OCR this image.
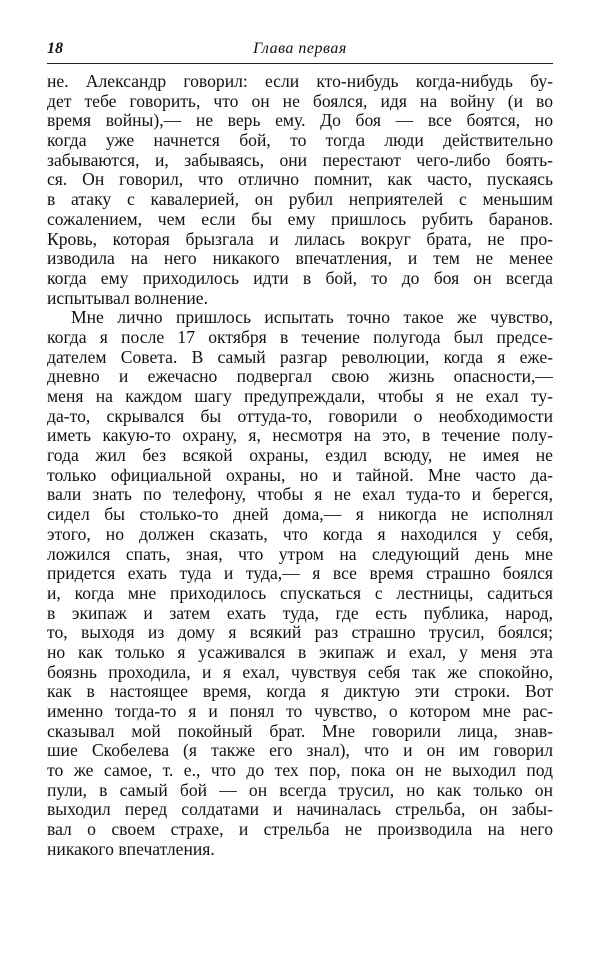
18	Глава первая
не. Александр говорил: если кто-нибудь когда-нибудь бу-
дет тебе говорить, что он не боялся, идя на войну (и во
время войны),— не верь ему. До боя — все боятся, но
когда уже начнется бой, то тогда люди действительно
забываются, и, забываясь, они перестают чего-либо боять-
ся. Он говорил, что отлично помнит, как часто, пускаясь
в атаку с кавалерией, он рубил неприятелей с меньшим
сожалением, чем если бы ему пришлось рубить баранов.
Кровь, которая брызгала и лилась вокруг брата, не про-
изводила на него никакого впечатления, и тем не менее
когда ему приходилось идти в бой, то до боя он всегда
испытывал волнение.
Мне лично пришлось испытать точно такое же чувство,
когда я после 17 октября в течение полугода был предсе-
дателем Совета. В самый разгар революции, когда я еже-
дневно и ежечасно подвергал свою жизнь опасности,—
меня на каждом шагу предупреждали, чтобы я не ехал ту-
да-то, скрывался бы оттуда-то, говорили о необходимости
иметь какую-то охрану, я, несмотря на это, в течение полу-
года жил без всякой охраны, ездил всюду, не имея не
только официальной охраны, но и тайной. Мне часто да-
вали знать по телефону, чтобы я не ехал туда-то и берегся,
сидел бы столько-то дней дома,— я никогда не исполнял
этого, но должен сказать, что когда я находился у себя,
ложился спать, зная, что утром на следующий день мне
придется ехать туда и туда,— я все время страшно боялся
и, когда мне приходилось спускаться с лестницы, садиться
в экипаж и затем ехать туда, где есть публика, народ,
то, выходя из дому я всякий раз страшно трусил, боялся;
но как только я усаживался в экипаж и ехал, у меня эта
боязнь проходила, и я ехал, чувствуя себя так же спокойно,
как в настоящее время, когда я диктую эти строки. Вот
именно тогда-то я и понял то чувство, о котором мне рас-
сказывал мой покойный брат. Мне говорили лица, знав-
шие Скобелева (я также его знал), что и он им говорил
то же самое, т. е., что до тех пор, пока он не выходил под
пули, в самый бой — он всегда трусил, но как только он
выходил перед солдатами и начиналась стрельба, он забы-
вал о своем страхе, и стрельба не производила на него
никакого впечатления.
